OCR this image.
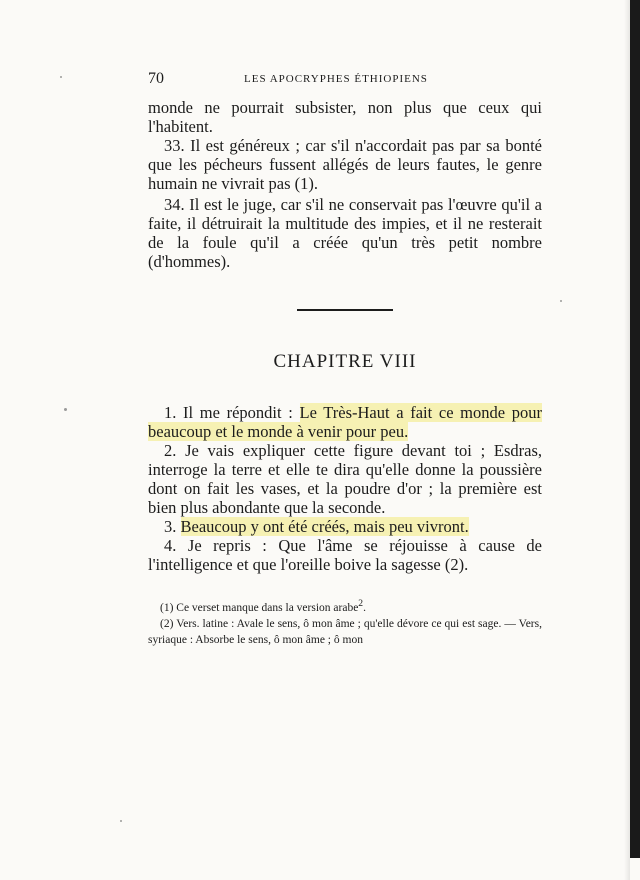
70	LES APOCRYPHES ÉTHIOPIENS

monde ne pourrait subsister, non plus que ceux qui l'habitent.

33. Il est généreux ; car s'il n'accordait pas par sa bonté que les pécheurs fussent allégés de leurs fautes, le genre humain ne vivrait pas (1).

34. Il est le juge, car s'il ne conservait pas l'œuvre qu'il a faite, il détruirait la multitude des impies, et il ne resterait de la foule qu'il a créée qu'un très petit nombre (d'hommes).

CHAPITRE VIII

1. Il me répondit : Le Très-Haut a fait ce monde pour beaucoup et le monde à venir pour peu.

2. Je vais expliquer cette figure devant toi ; Esdras, interroge la terre et elle te dira qu'elle donne la poussière dont on fait les vases, et la poudre d'or ; la première est bien plus abondante que la seconde.

3. Beaucoup y ont été créés, mais peu vivront.

4. Je repris : Que l'âme se réjouisse à cause de l'intelligence et que l'oreille boive la sagesse (2).

(1) Ce verset manque dans la version arabe$^2$.

(2) Vers. latine : Avale le sens, ô mon âme ; qu'elle dévore ce qui est sage. — Vers, syriaque : Absorbe le sens, ô mon âme ; ô mon
